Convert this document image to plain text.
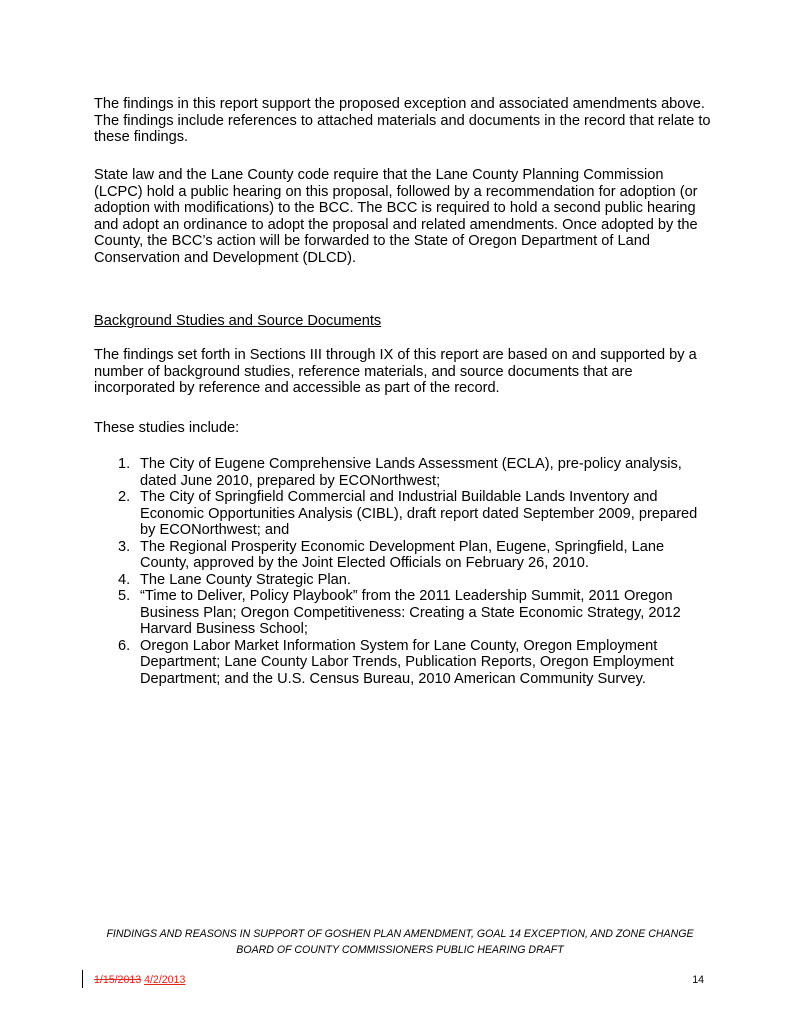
The findings in this report support the proposed exception and associated amendments above. The findings include references to attached materials and documents in the record that relate to these findings.

State law and the Lane County code require that the Lane County Planning Commission (LCPC) hold a public hearing on this proposal, followed by a recommendation for adoption (or adoption with modifications) to the BCC. The BCC is required to hold a second public hearing and adopt an ordinance to adopt the proposal and related amendments. Once adopted by the County, the BCC’s action will be forwarded to the State of Oregon Department of Land Conservation and Development (DLCD).

Background Studies and Source Documents

The findings set forth in Sections III through IX of this report are based on and supported by a number of background studies, reference materials, and source documents that are incorporated by reference and accessible as part of the record.

These studies include:

1. The City of Eugene Comprehensive Lands Assessment (ECLA), pre-policy analysis, dated June 2010, prepared by ECONorthwest;
2. The City of Springfield Commercial and Industrial Buildable Lands Inventory and Economic Opportunities Analysis (CIBL), draft report dated September 2009, prepared by ECONorthwest; and
3. The Regional Prosperity Economic Development Plan, Eugene, Springfield, Lane County, approved by the Joint Elected Officials on February 26, 2010.
4. The Lane County Strategic Plan.
5. “Time to Deliver, Policy Playbook” from the 2011 Leadership Summit, 2011 Oregon Business Plan; Oregon Competitiveness: Creating a State Economic Strategy, 2012 Harvard Business School;
6. Oregon Labor Market Information System for Lane County, Oregon Employment Department; Lane County Labor Trends, Publication Reports, Oregon Employment Department; and the U.S. Census Bureau, 2010 American Community Survey.
FINDINGS AND REASONS IN SUPPORT OF GOSHEN PLAN AMENDMENT, GOAL 14 EXCEPTION, AND ZONE CHANGE
BOARD OF COUNTY COMMISSIONERS PUBLIC HEARING DRAFT
1/15/2013 4/2/2013	14
